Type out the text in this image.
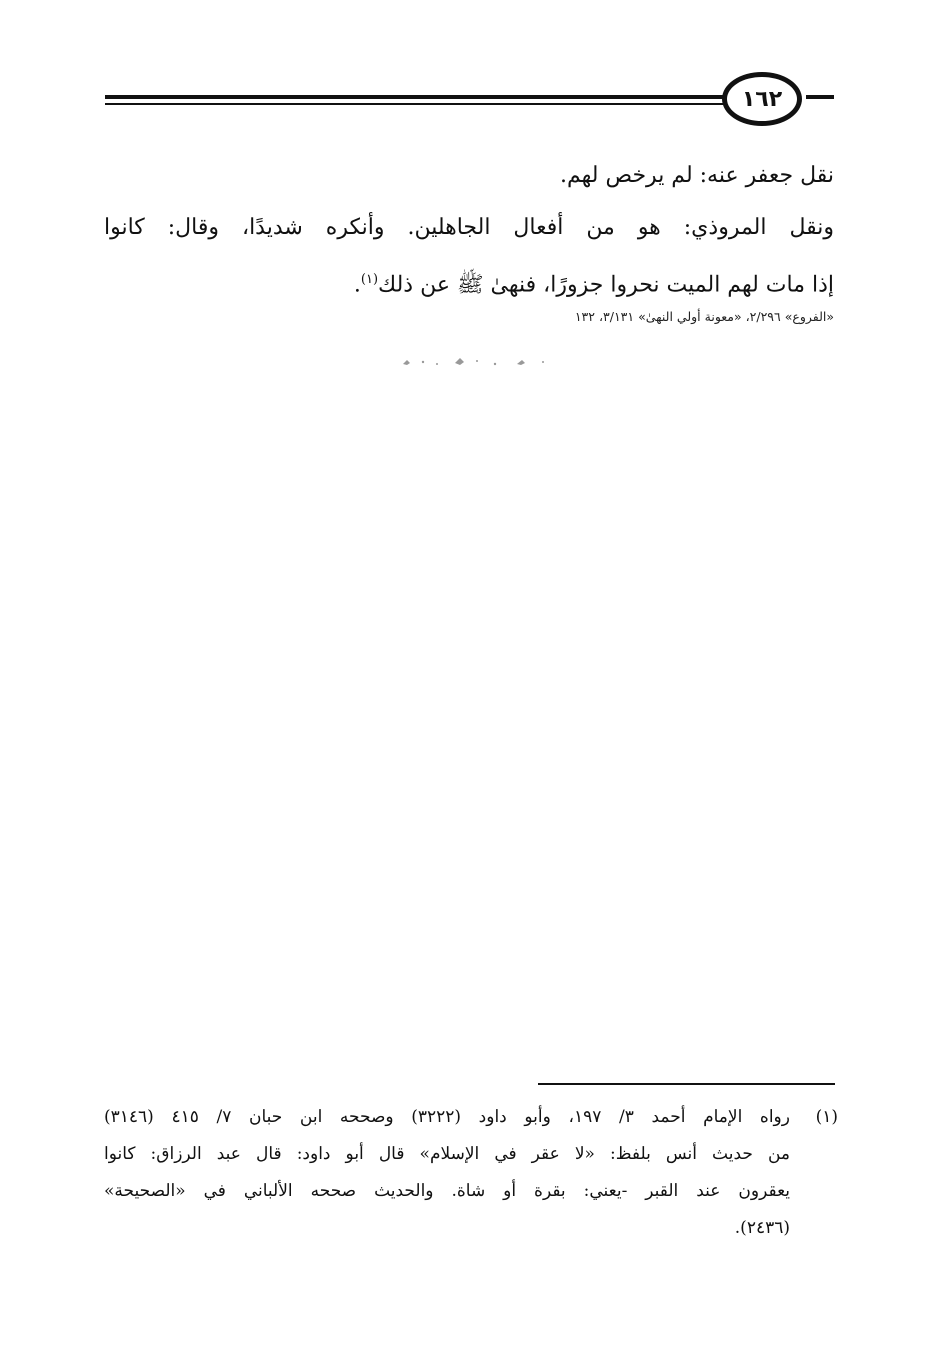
١٦٢
نقل جعفر عنه: لم يرخص لهم.
ونقل المروذي: هو من أفعال الجاهلين. وأنكره شديدًا، وقال: كانوا
إذا مات لهم الميت نحروا جزورًا، فنهىٰ ﷺ عن ذلك$^{(١)}$.
«الفروع» ٢/٢٩٦، «معونة أولي النهىٰ» ٣/١٣١، ١٣٢
(١)
رواه الإمام أحمد ٣/ ١٩٧، وأبو داود (٣٢٢٢) وصححه ابن حبان ٧/ ٤١٥ (٣١٤٦)
من حديث أنس بلفظ: «لا عقر في الإسلام» قال أبو داود: قال عبد الرزاق: كانوا
يعقرون عند القبر -يعني: بقرة أو شاة. والحديث صححه الألباني في «الصحيحة»
(٢٤٣٦).
